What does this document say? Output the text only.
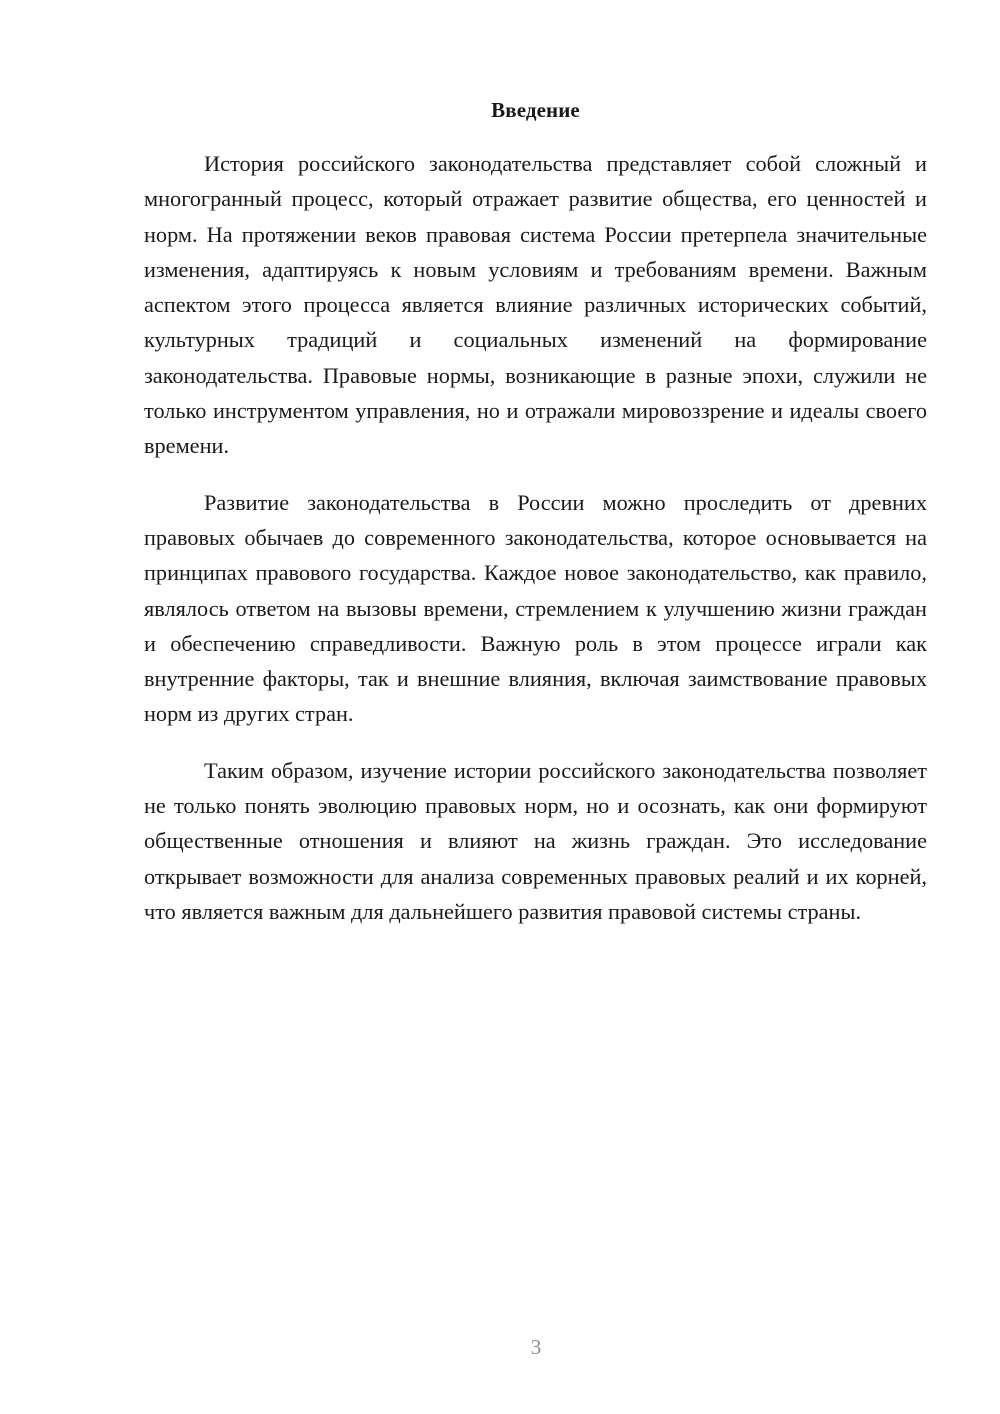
Введение

История российского законодательства представляет собой сложный и многогранный процесс, который отражает развитие общества, его ценностей и норм. На протяжении веков правовая система России претерпела значительные изменения, адаптируясь к новым условиям и требованиям времени. Важным аспектом этого процесса является влияние различных исторических событий, культурных традиций и социальных изменений на формирование законодательства. Правовые нормы, возникающие в разные эпохи, служили не только инструментом управления, но и отражали мировоззрение и идеалы своего времени.

Развитие законодательства в России можно проследить от древних правовых обычаев до современного законодательства, которое основывается на принципах правового государства. Каждое новое законодательство, как правило, являлось ответом на вызовы времени, стремлением к улучшению жизни граждан и обеспечению справедливости. Важную роль в этом процессе играли как внутренние факторы, так и внешние влияния, включая заимствование правовых норм из других стран.

Таким образом, изучение истории российского законодательства позволяет не только понять эволюцию правовых норм, но и осознать, как они формируют общественные отношения и влияют на жизнь граждан. Это исследование открывает возможности для анализа современных правовых реалий и их корней, что является важным для дальнейшего развития правовой системы страны.

3
